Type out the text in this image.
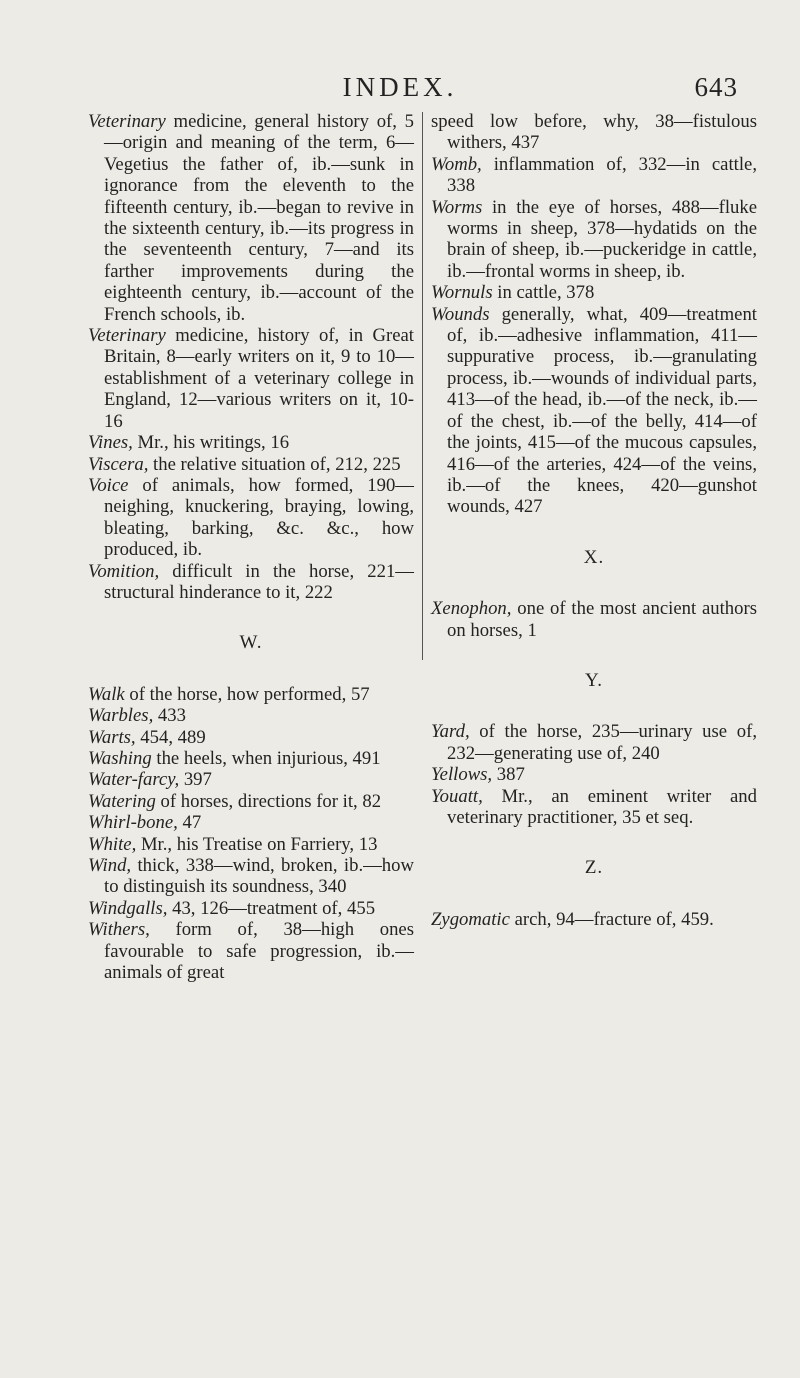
INDEX.	643

Veterinary medicine, general history of, 5—origin and meaning of the term, 6—Vegetius the father of, ib.—sunk in ignorance from the eleventh to the fifteenth century, ib.—began to revive in the sixteenth century, ib.—its progress in the seventeenth century, 7—and its farther improvements during the eighteenth century, ib.—account of the French schools, ib.

Veterinary medicine, history of, in Great Britain, 8—early writers on it, 9 to 10—establishment of a veterinary college in England, 12—various writers on it, 10-16

Vines, Mr., his writings, 16

Viscera, the relative situation of, 212, 225

Voice of animals, how formed, 190—neighing, knuckering, braying, lowing, bleating, barking, &c. &c., how produced, ib.

Vomition, difficult in the horse, 221—structural hinderance to it, 222

W.

Walk of the horse, how performed, 57

Warbles, 433

Warts, 454, 489

Washing the heels, when injurious, 491

Water-farcy, 397

Watering of horses, directions for it, 82

Whirl-bone, 47

White, Mr., his Treatise on Farriery, 13

Wind, thick, 338—wind, broken, ib.—how to distinguish its soundness, 340

Windgalls, 43, 126—treatment of, 455

Withers, form of, 38—high ones favourable to safe progression, ib.—animals of great

speed low before, why, 38—fistulous withers, 437

Womb, inflammation of, 332—in cattle, 338

Worms in the eye of horses, 488—fluke worms in sheep, 378—hydatids on the brain of sheep, ib.—puckeridge in cattle, ib.—frontal worms in sheep, ib.

Wornuls in cattle, 378

Wounds generally, what, 409—treatment of, ib.—adhesive inflammation, 411—suppurative process, ib.—granulating process, ib.—wounds of individual parts, 413—of the head, ib.—of the neck, ib.—of the chest, ib.—of the belly, 414—of the joints, 415—of the mucous capsules, 416—of the arteries, 424—of the veins, ib.—of the knees, 420—gunshot wounds, 427

X.

Xenophon, one of the most ancient authors on horses, 1

Y.

Yard, of the horse, 235—urinary use of, 232—generating use of, 240

Yellows, 387

Youatt, Mr., an eminent writer and veterinary practitioner, 35 et seq.

Z.

Zygomatic arch, 94—fracture of, 459.
